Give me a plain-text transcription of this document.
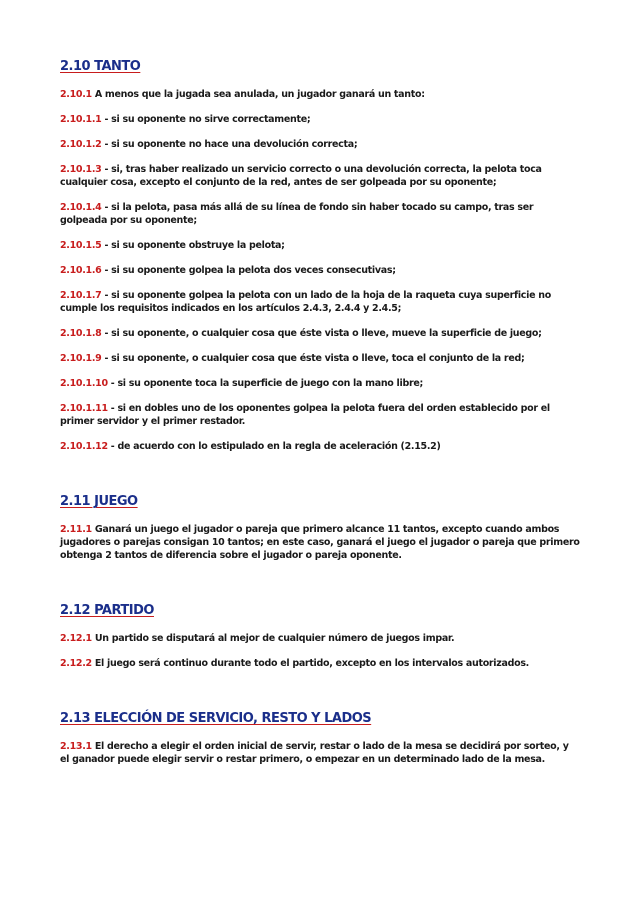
2.10 TANTO

2.10.1 A menos que la jugada sea anulada, un jugador ganará un tanto:

2.10.1.1 - si su oponente no sirve correctamente;

2.10.1.2 - si su oponente no hace una devolución correcta;

2.10.1.3 - si, tras haber realizado un servicio correcto o una devolución correcta, la pelota toca cualquier cosa, excepto el conjunto de la red, antes de ser golpeada por su oponente;

2.10.1.4 - si la pelota, pasa más allá de su línea de fondo sin haber tocado su campo, tras ser golpeada por su oponente;

2.10.1.5 - si su oponente obstruye la pelota;

2.10.1.6 - si su oponente golpea la pelota dos veces consecutivas;

2.10.1.7 - si su oponente golpea la pelota con un lado de la hoja de la raqueta cuya superficie no cumple los requisitos indicados en los artículos 2.4.3, 2.4.4 y 2.4.5;

2.10.1.8 - si su oponente, o cualquier cosa que éste vista o lleve, mueve la superficie de juego;

2.10.1.9 - si su oponente, o cualquier cosa que éste vista o lleve, toca el conjunto de la red;

2.10.1.10 - si su oponente toca la superficie de juego con la mano libre;

2.10.1.11 - si en dobles uno de los oponentes golpea la pelota fuera del orden establecido por el primer servidor y el primer restador.

2.10.1.12 - de acuerdo con lo estipulado en la regla de aceleración (2.15.2)

2.11 JUEGO

2.11.1 Ganará un juego el jugador o pareja que primero alcance 11 tantos, excepto cuando ambos jugadores o parejas consigan 10 tantos; en este caso, ganará el juego el jugador o pareja que primero obtenga 2 tantos de diferencia sobre el jugador o pareja oponente.

2.12 PARTIDO

2.12.1 Un partido se disputará al mejor de cualquier número de juegos impar.

2.12.2 El juego será continuo durante todo el partido, excepto en los intervalos autorizados.

2.13 ELECCIÓN DE SERVICIO, RESTO Y LADOS

2.13.1 El derecho a elegir el orden inicial de servir, restar o lado de la mesa se decidirá por sorteo, y el ganador puede elegir servir o restar primero, o empezar en un determinado lado de la mesa.
